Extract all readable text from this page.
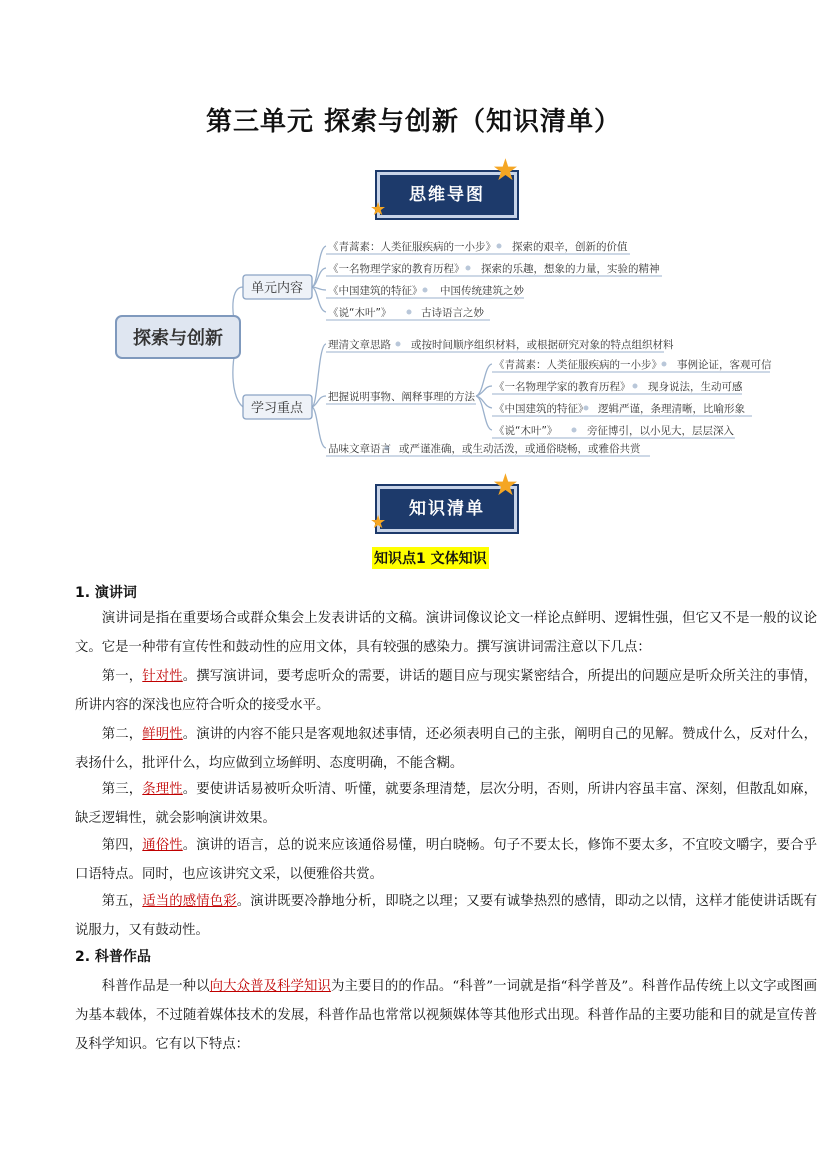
第三单元 探索与创新（知识清单）
思维导图
★
★
探索与创新
单元内容
学习重点
《青蒿素：人类征服疾病的一小步》 探索的艰辛，创新的价值
《一名物理学家的教育历程》 探索的乐趣，想象的力量，实验的精神
《中国建筑的特征》 中国传统建筑之妙
《说“木叶”》	古诗语言之妙
理清文章思路 或按时间顺序组织材料，或根据研究对象的特点组织材料
把握说明事物、阐释事理的方法
《青蒿素：人类征服疾病的一小步》 事例论证，客观可信
《一名物理学家的教育历程》 现身说法，生动可感
《中国建筑的特征》 逻辑严谨，条理清晰，比喻形象
《说“木叶”》	旁征博引，以小见大，层层深入
品味文章语言 或严谨准确，或生动活泼，或通俗晓畅，或雅俗共赏
知识清单
★
★
知识点1 文体知识
1. 演讲词

演讲词是指在重要场合或群众集会上发表讲话的文稿。演讲词像议论文一样论点鲜明、逻辑性强，但它又不是一般的议论文。它是一种带有宣传性和鼓动性的应用文体，具有较强的感染力。撰写演讲词需注意以下几点：

第一，针对性。撰写演讲词，要考虑听众的需要，讲话的题目应与现实紧密结合，所提出的问题应是听众所关注的事情，所讲内容的深浅也应符合听众的接受水平。

第二，鲜明性。演讲的内容不能只是客观地叙述事情，还必须表明自己的主张，阐明自己的见解。赞成什么，反对什么，表扬什么，批评什么，均应做到立场鲜明、态度明确，不能含糊。

第三，条理性。要使讲话易被听众听清、听懂，就要条理清楚，层次分明，否则，所讲内容虽丰富、深刻，但散乱如麻，缺乏逻辑性，就会影响演讲效果。

第四，通俗性。演讲的语言，总的说来应该通俗易懂，明白晓畅。句子不要太长，修饰不要太多，不宜咬文嚼字，要合乎口语特点。同时，也应该讲究文采，以便雅俗共赏。

第五，适当的感情色彩。演讲既要冷静地分析，即晓之以理；又要有诚挚热烈的感情，即动之以情，这样才能使讲话既有说服力，又有鼓动性。

2. 科普作品

科普作品是一种以向大众普及科学知识为主要目的的作品。“科普”一词就是指“科学普及”。科普作品传统上以文字或图画为基本载体，不过随着媒体技术的发展，科普作品也常常以视频媒体等其他形式出现。科普作品的主要功能和目的就是宣传普及科学知识。它有以下特点：
